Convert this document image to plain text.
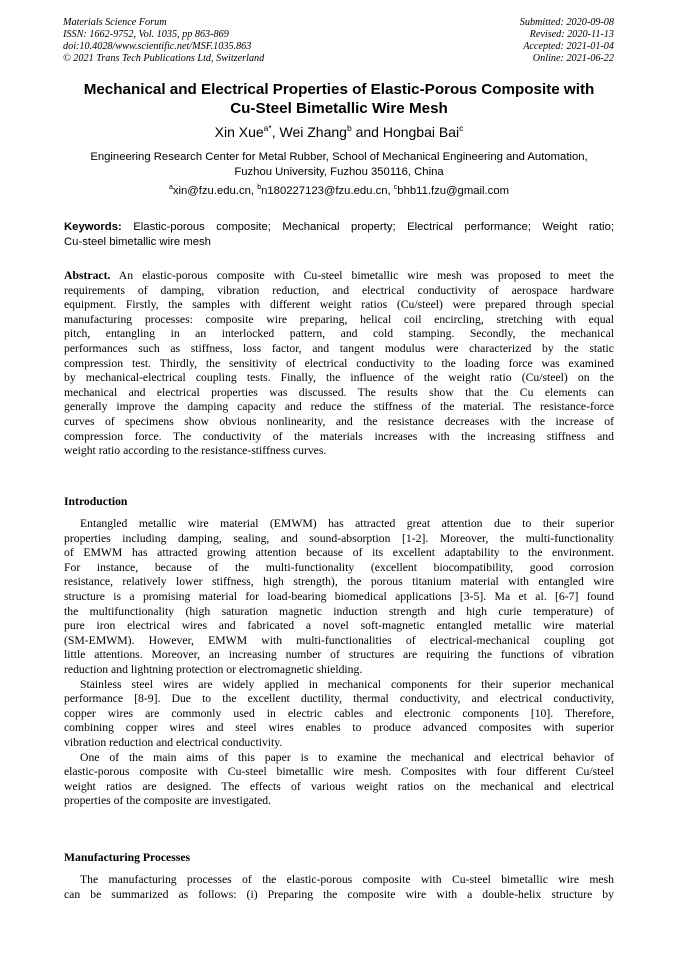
Materials Science Forum
ISSN: 1662-9752, Vol. 1035, pp 863-869
doi:10.4028/www.scientific.net/MSF.1035.863
© 2021 Trans Tech Publications Ltd, Switzerland
Submitted: 2020-09-08
Revised: 2020-11-13
Accepted: 2021-01-04
Online: 2021-06-22
Mechanical and Electrical Properties of Elastic-Porous Composite with
Cu-Steel Bimetallic Wire Mesh
Xin Xue$^{a*}$, Wei Zhang$^b$ and Hongbai Bai$^c$
Engineering Research Center for Metal Rubber, School of Mechanical Engineering and Automation,
Fuzhou University, Fuzhou 350116, China
$^a$xin@fzu.edu.cn, $^b$n180227123@fzu.edu.cn, $^c$bhb11.fzu@gmail.com
Keywords: Elastic-porous composite; Mechanical property; Electrical performance; Weight ratio;
Cu-steel bimetallic wire mesh
Abstract. An elastic-porous composite with Cu-steel bimetallic wire mesh was proposed to meet the
requirements of damping, vibration reduction, and electrical conductivity of aerospace hardware
equipment. Firstly, the samples with different weight ratios (Cu/steel) were prepared through special
manufacturing processes: composite wire preparing, helical coil encircling, stretching with equal
pitch, entangling in an interlocked pattern, and cold stamping. Secondly, the mechanical
performances such as stiffness, loss factor, and tangent modulus were characterized by the static
compression test. Thirdly, the sensitivity of electrical conductivity to the loading force was examined
by mechanical-electrical coupling tests. Finally, the influence of the weight ratio (Cu/steel) on the
mechanical and electrical properties was discussed. The results show that the Cu elements can
generally improve the damping capacity and reduce the stiffness of the material. The resistance-force
curves of specimens show obvious nonlinearity, and the resistance decreases with the increase of
compression force. The conductivity of the materials increases with the increasing stiffness and
weight ratio according to the resistance-stiffness curves.
Introduction
Entangled metallic wire material (EMWM) has attracted great attention due to their superior
properties including damping, sealing, and sound-absorption [1-2]. Moreover, the multi-functionality
of EMWM has attracted growing attention because of its excellent adaptability to the environment.
For instance, because of the multi-functionality (excellent biocompatibility, good corrosion
resistance, relatively lower stiffness, high strength), the porous titanium material with entangled wire
structure is a promising material for load-bearing biomedical applications [3-5]. Ma et al. [6-7] found
the multifunctionality (high saturation magnetic induction strength and high curie temperature) of
pure iron electrical wires and fabricated a novel soft-magnetic entangled metallic wire material
(SM-EMWM). However, EMWM with multi-functionalities of electrical-mechanical coupling got
little attentions. Moreover, an increasing number of structures are requiring the functions of vibration
reduction and lightning protection or electromagnetic shielding.
Stainless steel wires are widely applied in mechanical components for their superior mechanical
performance [8-9]. Due to the excellent ductility, thermal conductivity, and electrical conductivity,
copper wires are commonly used in electric cables and electronic components [10]. Therefore,
combining copper wires and steel wires enables to produce advanced composites with superior
vibration reduction and electrical conductivity.
One of the main aims of this paper is to examine the mechanical and electrical behavior of
elastic-porous composite with Cu-steel bimetallic wire mesh. Composites with four different Cu/steel
weight ratios are designed. The effects of various weight ratios on the mechanical and electrical
properties of the composite are investigated.
Manufacturing Processes
The manufacturing processes of the elastic-porous composite with Cu-steel bimetallic wire mesh
can be summarized as follows: (i) Preparing the composite wire with a double-helix structure by
